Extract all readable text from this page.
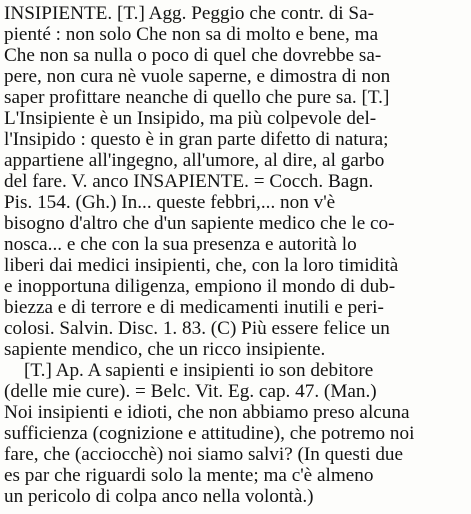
INSIPIENTE. [T.] Agg. Peggio che contr. di Sa-
pienté : non solo Che non sa di molto e bene, ma
Che non sa nulla o poco di quel che dovrebbe sa-
pere, non cura nè vuole saperne, e dimostra di non
saper profittare neanche di quello che pure sa. [T.]
L'Insipiente è un Insipido, ma più colpevole del-
l'Insipido : questo è in gran parte difetto di natura;
appartiene all'ingegno, all'umore, al dire, al garbo
del fare. V. anco INSAPIENTE. = Cocch. Bagn.
Pis. 154. (Gh.) In... queste febbri,... non v'è
bisogno d'altro che d'un sapiente medico che le co-
nosca... e che con la sua presenza e autorità lo
liberi dai medici insipienti, che, con la loro timidità
e inopportuna diligenza, empiono il mondo di dub-
biezza e di terrore e di medicamenti inutili e peri-
colosi. Salvin. Disc. 1. 83. (C) Più essere felice un
sapiente mendico, che un ricco insipiente.
[T.] Ap. A sapienti e insipienti io son debitore
(delle mie cure). = Belc. Vit. Eg. cap. 47. (Man.)
Noi insipienti e idioti, che non abbiamo preso alcuna
sufficienza (cognizione e attitudine), che potremo noi
fare, che (acciocchè) noi siamo salvi? (In questi due
es par che riguardi solo la mente; ma c'è almeno
un pericolo di colpa anco nella volontà.)
